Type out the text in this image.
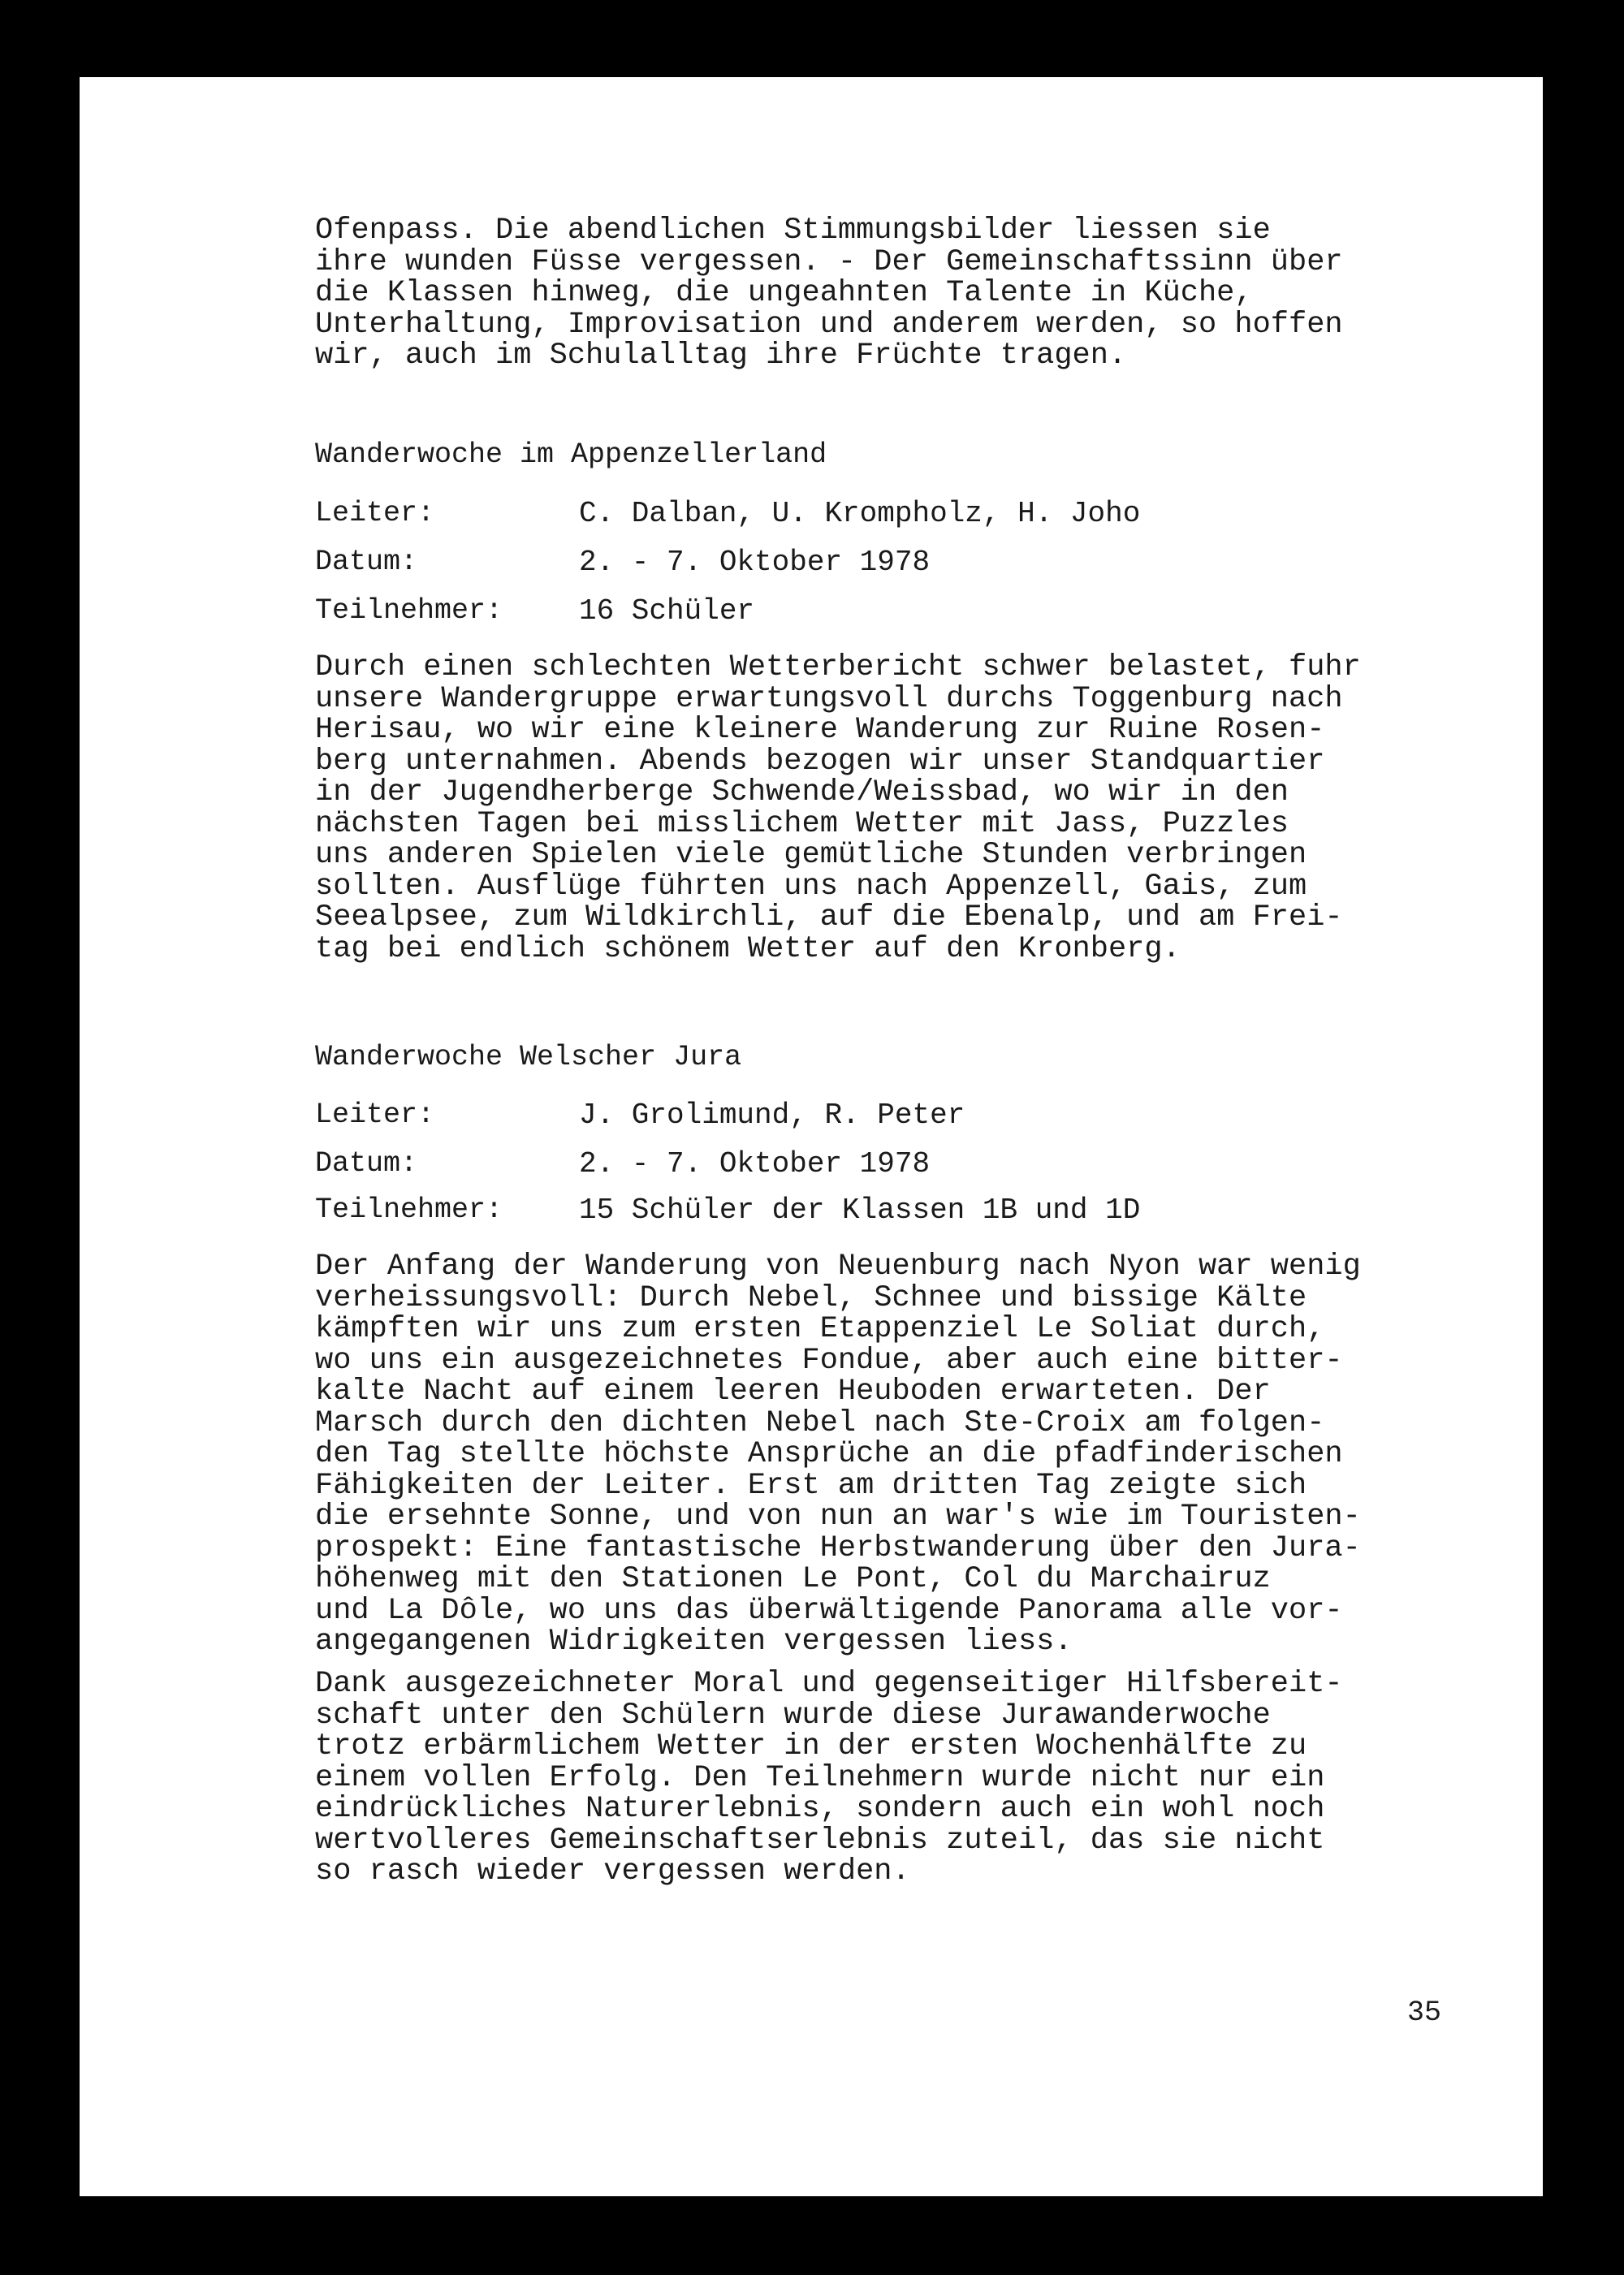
Ofenpass. Die abendlichen Stimmungsbilder liessen sie
ihre wunden Füsse vergessen. - Der Gemeinschaftssinn über
die Klassen hinweg, die ungeahnten Talente in Küche,
Unterhaltung, Improvisation und anderem werden, so hoffen
wir, auch im Schulalltag ihre Früchte tragen.
Wanderwoche im Appenzellerland
Leiter:	C. Dalban, U. Krompholz, H. Joho
Datum:	2. - 7. Oktober 1978
Teilnehmer:	16 Schüler
Durch einen schlechten Wetterbericht schwer belastet, fuhr
unsere Wandergruppe erwartungsvoll durchs Toggenburg nach
Herisau, wo wir eine kleinere Wanderung zur Ruine Rosen-
berg unternahmen. Abends bezogen wir unser Standquartier
in der Jugendherberge Schwende/Weissbad, wo wir in den
nächsten Tagen bei misslichem Wetter mit Jass, Puzzles
uns anderen Spielen viele gemütliche Stunden verbringen
sollten. Ausflüge führten uns nach Appenzell, Gais, zum
Seealpsee, zum Wildkirchli, auf die Ebenalp, und am Frei-
tag bei endlich schönem Wetter auf den Kronberg.
Wanderwoche Welscher Jura
Leiter:	J. Grolimund, R. Peter
Datum:	2. - 7. Oktober 1978
Teilnehmer:	15 Schüler der Klassen 1B und 1D
Der Anfang der Wanderung von Neuenburg nach Nyon war wenig
verheissungsvoll: Durch Nebel, Schnee und bissige Kälte
kämpften wir uns zum ersten Etappenziel Le Soliat durch,
wo uns ein ausgezeichnetes Fondue, aber auch eine bitter-
kalte Nacht auf einem leeren Heuboden erwarteten. Der
Marsch durch den dichten Nebel nach Ste-Croix am folgen-
den Tag stellte höchste Ansprüche an die pfadfinderischen
Fähigkeiten der Leiter. Erst am dritten Tag zeigte sich
die ersehnte Sonne, und von nun an war's wie im Touristen-
prospekt: Eine fantastische Herbstwanderung über den Jura-
höhenweg mit den Stationen Le Pont, Col du Marchairuz
und La Dôle, wo uns das überwältigende Panorama alle vor-
angegangenen Widrigkeiten vergessen liess.
Dank ausgezeichneter Moral und gegenseitiger Hilfsbereit-
schaft unter den Schülern wurde diese Jurawanderwoche
trotz erbärmlichem Wetter in der ersten Wochenhälfte zu
einem vollen Erfolg. Den Teilnehmern wurde nicht nur ein
eindrückliches Naturerlebnis, sondern auch ein wohl noch
wertvolleres Gemeinschaftserlebnis zuteil, das sie nicht
so rasch wieder vergessen werden.
35
